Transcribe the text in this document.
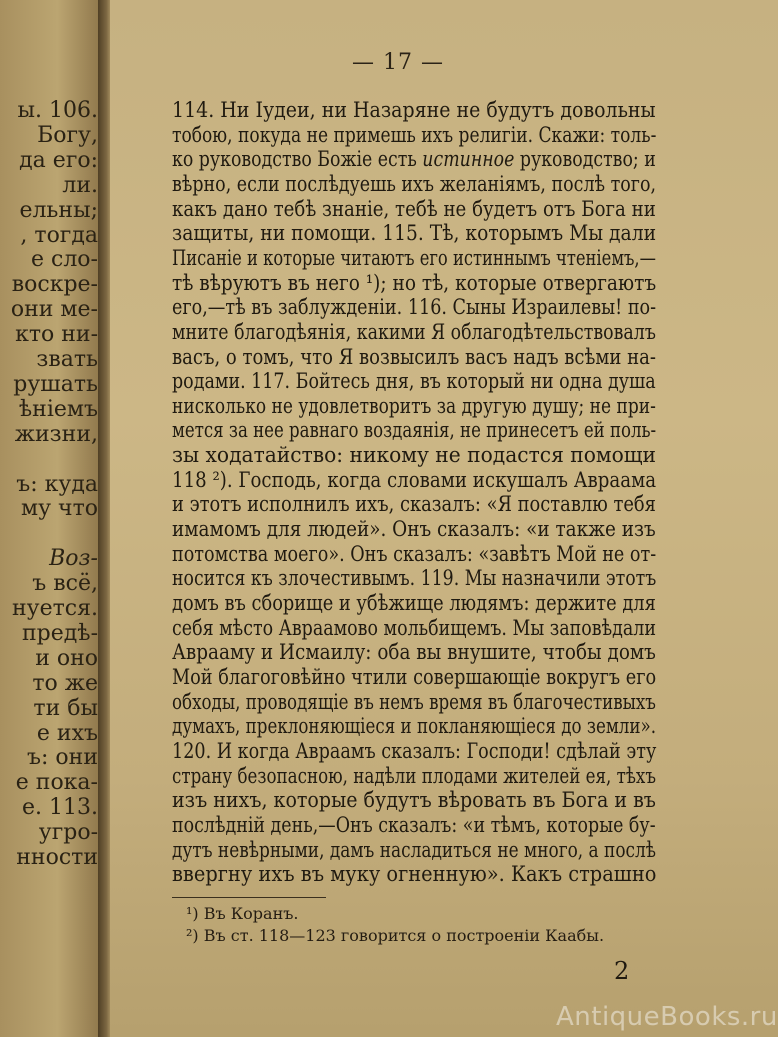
ы. 106.
Богу,
да его:
ли.
ельны;
, тогда
е сло-
воскре-
они ме-
кто ни-
звать
рушать
ѣніемъ
жизни,
ъ: куда
му что
Воз-
ъ всё,
нуется.
предѣ-
и оно
то же
ти бы
е ихъ
ъ: они
е пока-
е. 113.
угро-
нности
— 17 —
114. Ни Іудеи, ни Назаряне не будутъ довольны
тобою, покуда не примешь ихъ религіи. Скажи: толь-
ко руководство Божіе есть истинное руководство; и
вѣрно, если послѣдуешь ихъ желаніямъ, послѣ того,
какъ дано тебѣ знаніе, тебѣ не будетъ отъ Бога ни
защиты, ни помощи. 115. Тѣ, которымъ Мы дали
Писаніе и которые читаютъ его истиннымъ чтеніемъ,—
тѣ вѣруютъ въ него ¹); но тѣ, которые отвергаютъ
его,—тѣ въ заблужденіи. 116. Сыны Израилевы! по-
мните благодѣянія, какими Я облагодѣтельствовалъ
васъ, о томъ, что Я возвысилъ васъ надъ всѣми на-
родами. 117. Бойтесь дня, въ который ни одна душа
нисколько не удовлетворитъ за другую душу; не при-
мется за нее равнаго воздаянія, не принесетъ ей поль-
зы ходатайство: никому не подастся помощи
118 ²). Господь, когда словами искушалъ Авраама
и этотъ исполнилъ ихъ, сказалъ: «Я поставлю тебя
имамомъ для людей». Онъ сказалъ: «и также изъ
потомства моего». Онъ сказалъ: «завѣтъ Мой не от-
носится къ злочестивымъ. 119. Мы назначили этотъ
домъ въ сборище и убѣжище людямъ: держите для
себя мѣсто Авраамово мольбищемъ. Мы заповѣдали
Аврааму и Исмаилу: оба вы внушите, чтобы домъ
Мой благоговѣйно чтили совершающіе вокругъ его
обходы, проводящіе въ немъ время въ благочестивыхъ
думахъ, преклоняющіеся и покланяющіеся до земли».
120. И когда Авраамъ сказалъ: Господи! сдѣлай эту
страну безопасною, надѣли плодами жителей ея, тѣхъ
изъ нихъ, которые будутъ вѣровать въ Бога и въ
послѣдній день,—Онъ сказалъ: «и тѣмъ, которые бу-
дутъ невѣрными, дамъ насладиться не много, а послѣ
ввергну ихъ въ муку огненную». Какъ страшно
¹) Въ Коранъ.
²) Въ ст. 118—123 говорится о построеніи Каабы.
2
AntiqueBooks.ru
